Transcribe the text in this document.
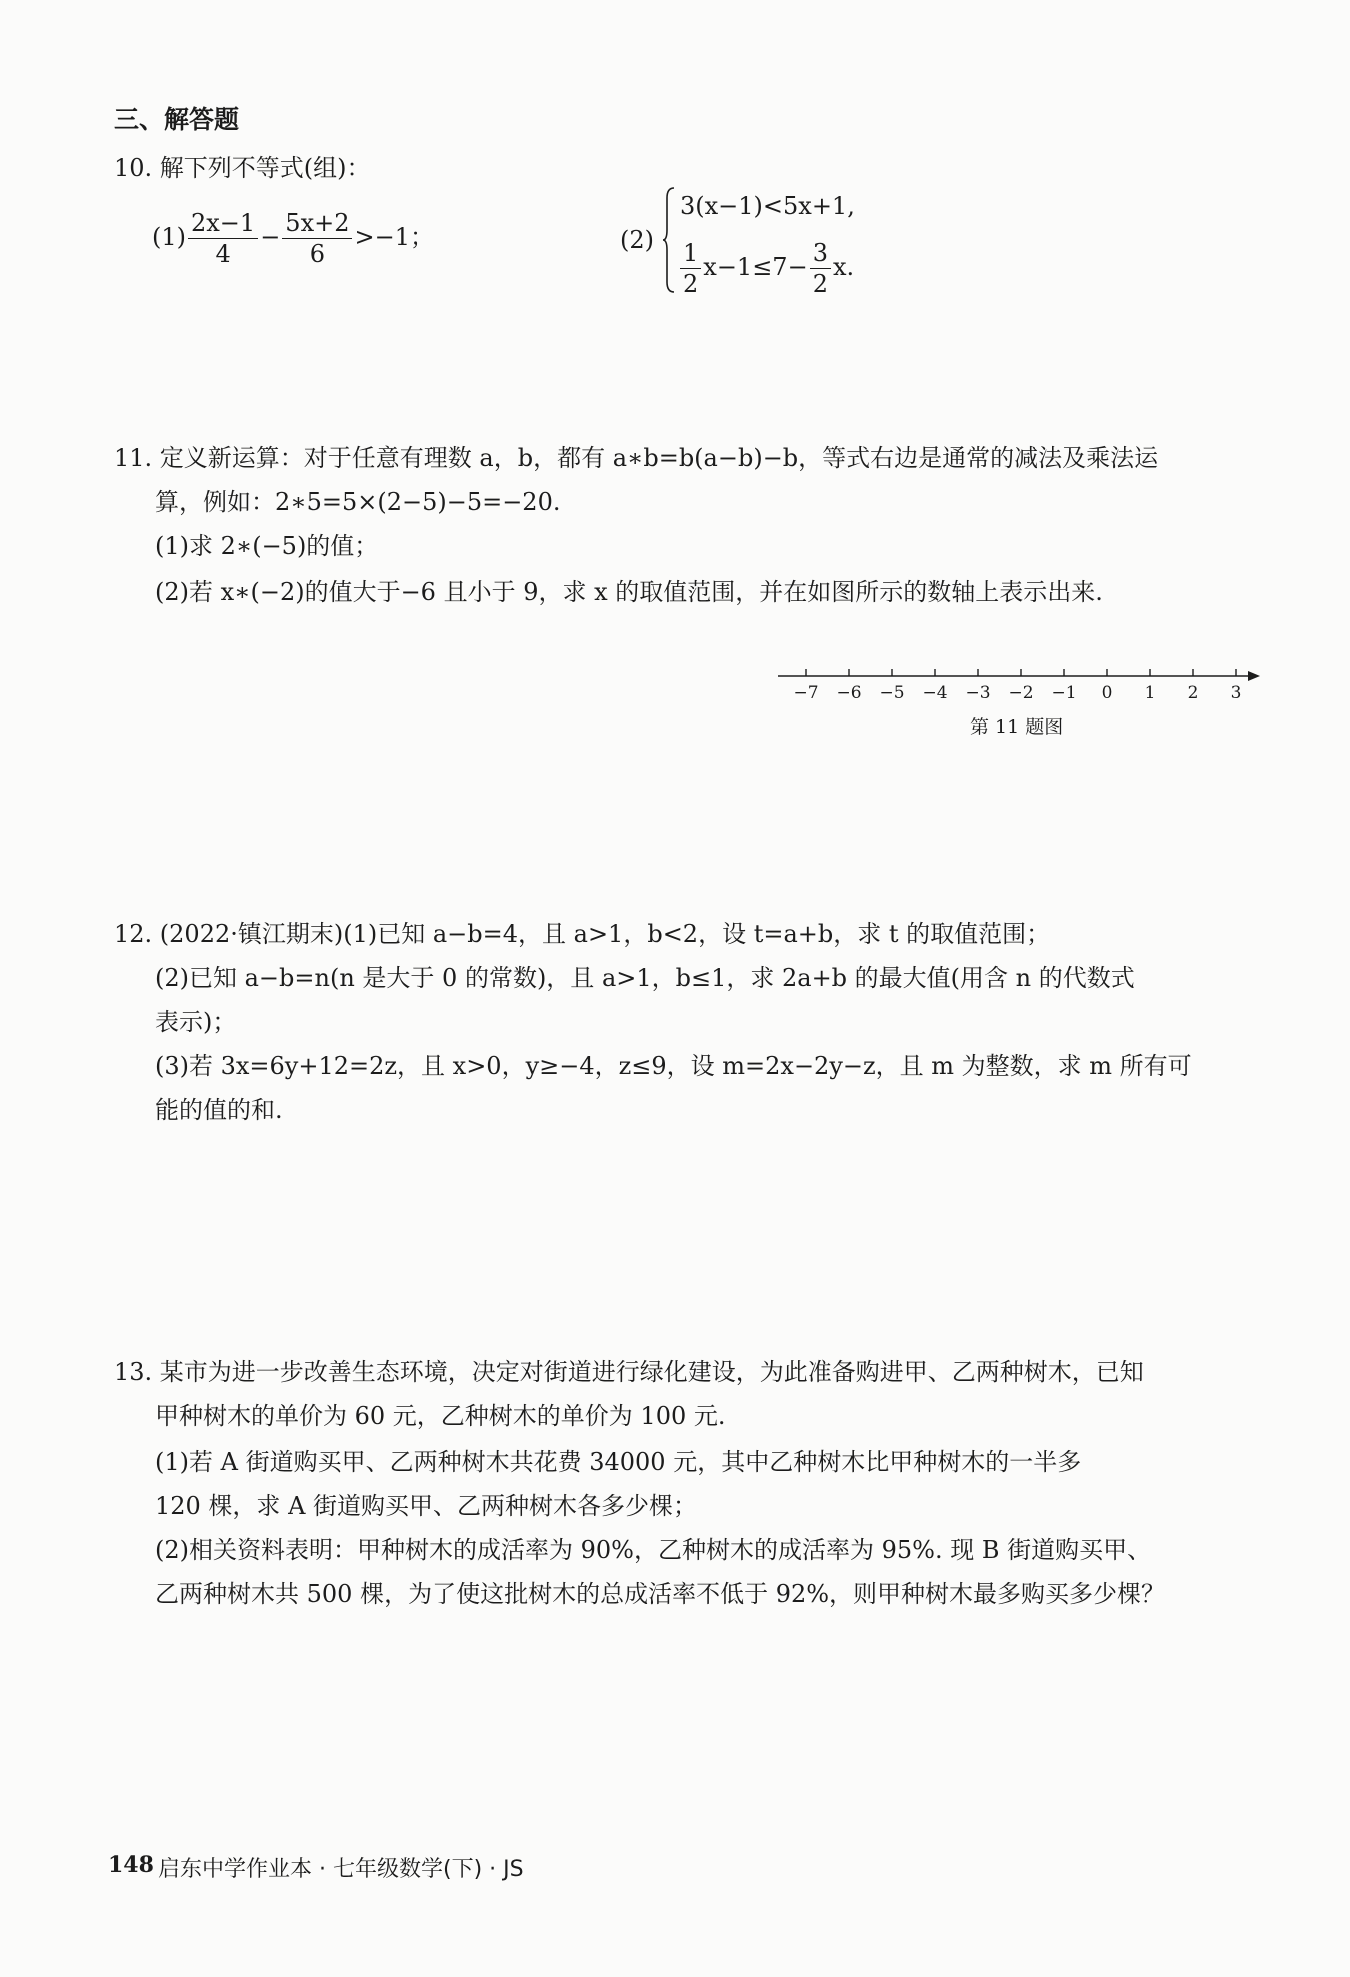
三、解答题
10. 解下列不等式(组)：
$(1) \frac{2x-1}{4} - \frac{5x+2}{6} >-1$；	(2)
3(x−1)<5x+1,
$\frac{1}{2} x-1\le 7- \frac{3}{2} x$.
11. 定义新运算：对于任意有理数 a，b，都有 a∗b=b(a−b)−b，等式右边是通常的减法及乘法运
算，例如：2∗5=5×(2−5)−5=−20.
(1)求 2∗(−5)的值；
(2)若 x∗(−2)的值大于−6 且小于 9，求 x 的取值范围，并在如图所示的数轴上表示出来.
−7 −6 −5 −4 −3 −2 −1 0 1 2 3
第 11 题图
12. (2022·镇江期末)(1)已知 a−b=4，且 a>1，b<2，设 t=a+b，求 t 的取值范围；
(2)已知 a−b=n(n 是大于 0 的常数)，且 a>1，b≤1，求 2a+b 的最大值(用含 n 的代数式
表示)；
(3)若 3x=6y+12=2z，且 x>0，y≥−4，z≤9，设 m=2x−2y−z，且 m 为整数，求 m 所有可
能的值的和.
13. 某市为进一步改善生态环境，决定对街道进行绿化建设，为此准备购进甲、乙两种树木，已知
甲种树木的单价为 60 元，乙种树木的单价为 100 元.
(1)若 A 街道购买甲、乙两种树木共花费 34000 元，其中乙种树木比甲种树木的一半多
120 棵，求 A 街道购买甲、乙两种树木各多少棵；
(2)相关资料表明：甲种树木的成活率为 90%，乙种树木的成活率为 95%. 现 B 街道购买甲、
乙两种树木共 500 棵，为了使这批树木的总成活率不低于 92%，则甲种树木最多购买多少棵？
148 启东中学作业本 · 七年级数学(下) · JS
